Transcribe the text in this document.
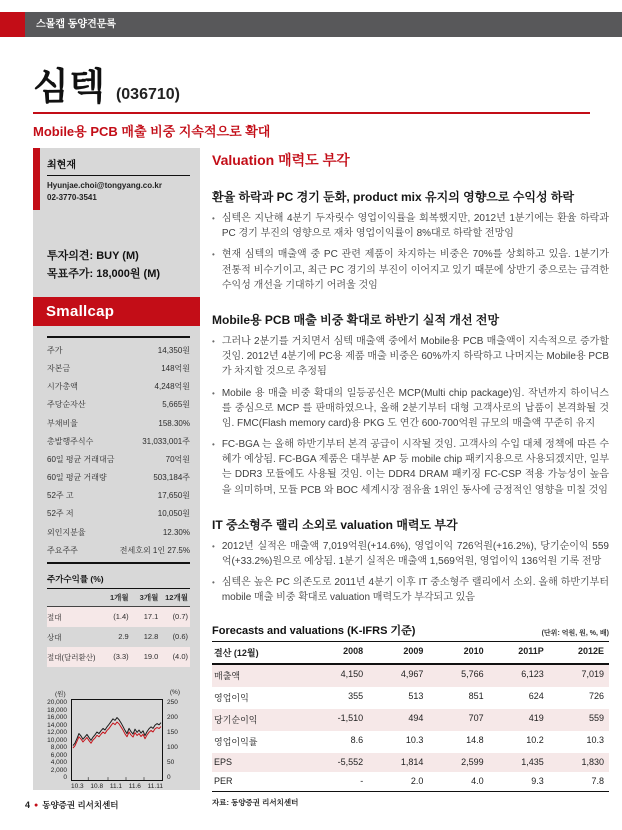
스몰캡 동양견문록
심텍 (036710)
Mobile용 PCB 매출 비중 지속적으로 확대
최현재
Hyunjae.choi@tongyang.co.kr
02-3770-3541
투자의견: BUY (M)
목표주가: 18,000원 (M)
Smallcap
주가	14,350원
자본금	148억원
시가총액	4,248억원
주당순자산	5,665원
부채비율	158.30%
총발행주식수	31,033,001주
60일 평균 거래대금	70억원
60일 평균 거래량	503,184주
52주 고	17,650원
52주 저	10,050원
외인지분율	12.30%
주요주주	전세호외 1인 27.5%
주가수익률 (%)
1개월	3개월 12개월
절대	(1.4)	17.1	(0.7)
상대	2.9	12.8	(0.6)
절대(달러환산)	(3.3)	19.0	(4.0)
(원)	(%)
20,000
18,000
16,000
14,000
12,000
10,000
8,000
6,000
4,000
2,000
0
250
200
150
100
50
0
10.3 10.8 11.1 11.6 11.11
Valuation 매력도 부각
환율 하락과 PC 경기 둔화, product mix 유지의 영향으로 수익성 하락
• 심텍은 지난해 4분기 두자릿수 영업이익률을 회복했지만, 2012년 1분기에는 환율 하락과 PC 경기 부진의 영향으로 재차 영업이익률이 8%대로 하락할 전망임
• 현재 심텍의 매출액 중 PC 관련 제품이 차지하는 비중은 70%를 상회하고 있음. 1분기가 전통적 비수기이고, 최근 PC 경기의 부진이 이어지고 있기 때문에 상반기 중으로는 급격한 수익성 개선을 기대하기 어려울 것임
Mobile용 PCB 매출 비중 확대로 하반기 실적 개선 전망
• 그러나 2분기를 거치면서 심텍 매출액 중에서 Mobile용 PCB 매출액이 지속적으로 증가할 것임. 2012년 4분기에 PC용 제품 매출 비중은 60%까지 하락하고 나머지는 Mobile용 PCB가 차지할 것으로 추정됨
• Mobile 용 매출 비중 확대의 일등공신은 MCP(Multi chip package)임. 작년까지 하이닉스를 중심으로 MCP 를 판매하였으나, 올해 2분기부터 대형 고객사로의 납품이 본격화될 것임. FMC(Flash memory card)용 PKG 도 연간 600-700억원 규모의 매출액 꾸준히 유지
• FC-BGA 는 올해 하반기부터 본격 공급이 시작될 것임. 고객사의 수입 대체 정책에 따른 수혜가 예상됨. FC-BGA 제품은 대부분 AP 등 mobile chip 패키지용으로 사용되겠지만, 일부는 DDR3 모듈에도 사용될 것임. 이는 DDR4 DRAM 패키징 FC-CSP 적용 가능성이 높음을 의미하며, 모듈 PCB 와 BOC 세계시장 점유율 1위인 동사에 긍정적인 영향을 미칠 것임
IT 중소형주 랠리 소외로 valuation 매력도 부각
• 2012년 실적은 매출액 7,019억원(+14.6%), 영업이익 726억원(+16.2%), 당기순이익 559억(+33.2%)원으로 예상됨. 1분기 실적은 매출액 1,569억원, 영업이익 136억원 기록 전망
• 심텍은 높은 PC 의존도로 2011년 4분기 이후 IT 중소형주 랠리에서 소외. 올해 하반기부터 mobile 매출 비중 확대로 valuation 매력도가 부각되고 있음
Forecasts and valuations (K-IFRS 기준)	(단위: 억원, 원, %, 배)
결산 (12월)	2008	2009	2010	2011P	2012E
매출액	4,150	4,967	5,766	6,123	7,019
영업이익	355	513	851	624	726
당기순이익	-1,510	494	707	419	559
영업이익률	8.6	10.3	14.8	10.2	10.3
EPS	-5,552	1,814	2,599	1,435	1,830
PER	-	2.0	4.0	9.3	7.8
자료: 동양증권 리서치센터
4 ● 동양증권 리서치센터
